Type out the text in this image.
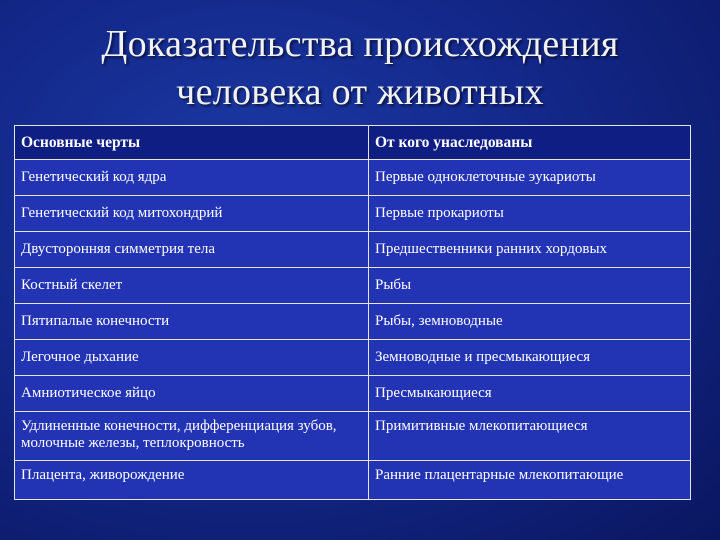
Доказательства происхождения
человека от животных
Основные черты	От кого унаследованы
Генетический код ядра	Первые одноклеточные эукариоты
Генетический код митохондрий	Первые прокариоты
Двусторонняя симметрия тела	Предшественники ранних хордовых
Костный скелет	Рыбы
Пятипалые конечности	Рыбы, земноводные
Легочное дыхание	Земноводные и пресмыкающиеся
Амниотическое яйцо	Пресмыкающиеся
Удлиненные конечности, дифференциация зубов, молочные железы, теплокровность	Примитивные млекопитающиеся
Плацента, живорождение	Ранние плацентарные млекопитающие
